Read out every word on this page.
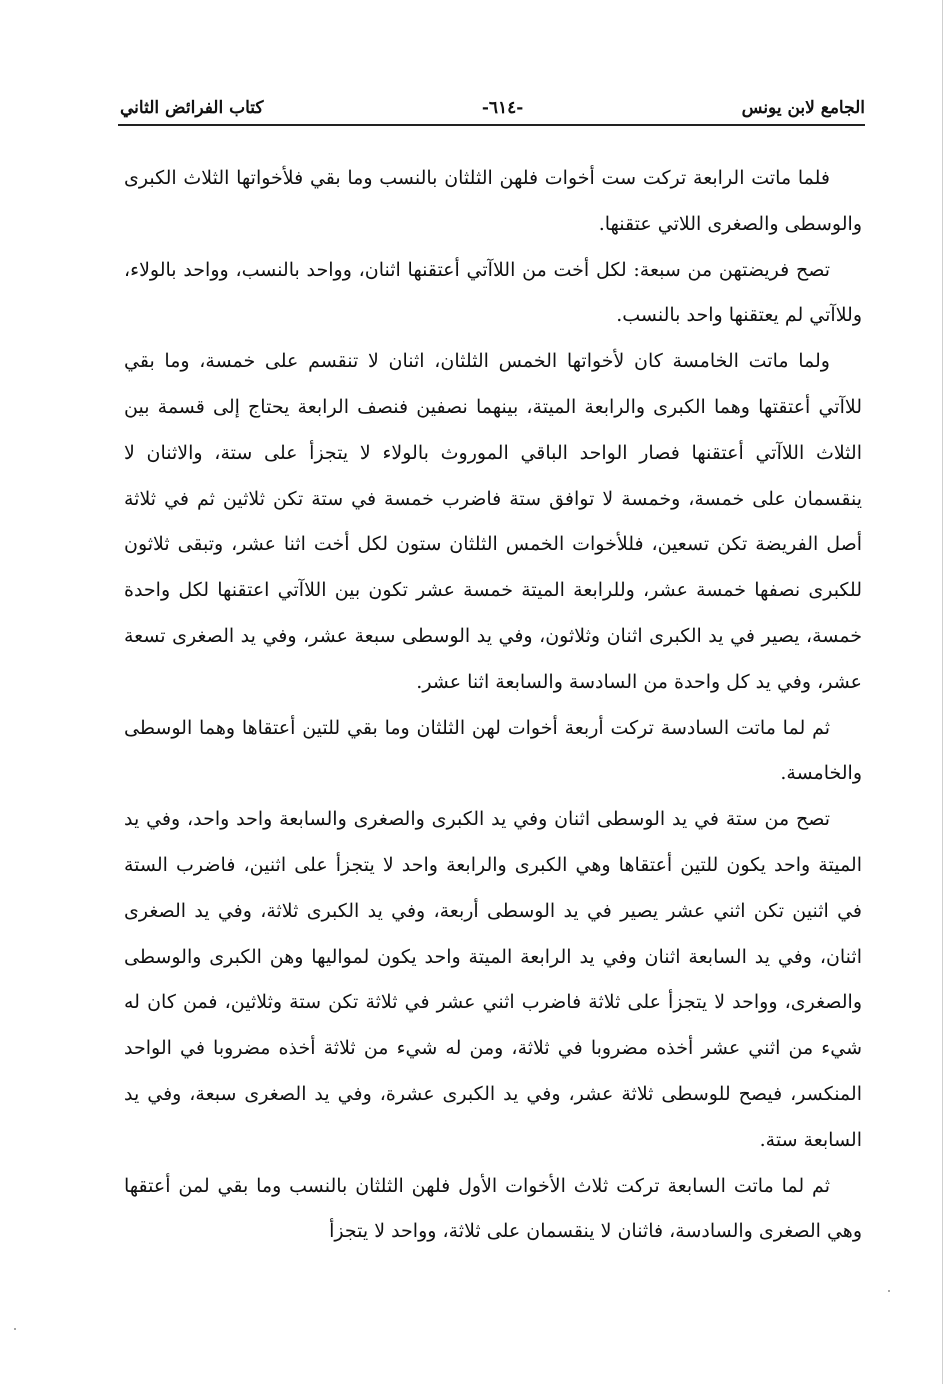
الجامع لابن يونس
-٦١٤-
كتاب الفرائض الثاني

فلما ماتت الرابعة تركت ست أخوات فلهن الثلثان بالنسب وما بقي فلأخواتها الثلاث الكبرى والوسطى والصغرى اللاتي عتقنها.

تصح فريضتهن من سبعة: لكل أخت من اللاآتي أعتقنها اثنان، وواحد بالنسب، وواحد بالولاء، وللاآتي لم يعتقنها واحد بالنسب.

ولما ماتت الخامسة كان لأخواتها الخمس الثلثان، اثنان لا تنقسم على خمسة، وما بقي للاآتي أعتقتها وهما الكبرى والرابعة الميتة، بينهما نصفين فنصف الرابعة يحتاج إلى قسمة بين الثلاث اللاآتي أعتقنها فصار الواحد الباقي الموروث بالولاء لا يتجزأ على ستة، والاثنان لا ينقسمان على خمسة، وخمسة لا توافق ستة فاضرب خمسة في ستة تكن ثلاثين ثم في ثلاثة أصل الفريضة تكن تسعين، فللأخوات الخمس الثلثان ستون لكل أخت اثنا عشر، وتبقى ثلاثون للكبرى نصفها خمسة عشر، وللرابعة الميتة خمسة عشر تكون بين اللاآتي اعتقنها لكل واحدة خمسة، يصير في يد الكبرى اثنان وثلاثون، وفي يد الوسطى سبعة عشر، وفي يد الصغرى تسعة عشر، وفي يد كل واحدة من السادسة والسابعة اثنا عشر.

ثم لما ماتت السادسة تركت أربعة أخوات لهن الثلثان وما بقي للتين أعتقاها وهما الوسطى والخامسة.

تصح من ستة في يد الوسطى اثنان وفي يد الكبرى والصغرى والسابعة واحد واحد، وفي يد الميتة واحد يكون للتين أعتقاها وهي الكبرى والرابعة واحد لا يتجزأ على اثنين، فاضرب الستة في اثنين تكن اثني عشر يصير في يد الوسطى أربعة، وفي يد الكبرى ثلاثة، وفي يد الصغرى اثنان، وفي يد السابعة اثنان وفي يد الرابعة الميتة واحد يكون لمواليها وهن الكبرى والوسطى والصغرى، وواحد لا يتجزأ على ثلاثة فاضرب اثني عشر في ثلاثة تكن ستة وثلاثين، فمن كان له شيء من اثني عشر أخذه مضروبا في ثلاثة، ومن له شيء من ثلاثة أخذه مضروبا في الواحد المنكسر، فيصح للوسطى ثلاثة عشر، وفي يد الكبرى عشرة، وفي يد الصغرى سبعة، وفي يد السابعة ستة.

ثم لما ماتت السابعة تركت ثلاث الأخوات الأول فلهن الثلثان بالنسب وما بقي لمن أعتقها وهي الصغرى والسادسة، فاثنان لا ينقسمان على ثلاثة، وواحد لا يتجزأ
